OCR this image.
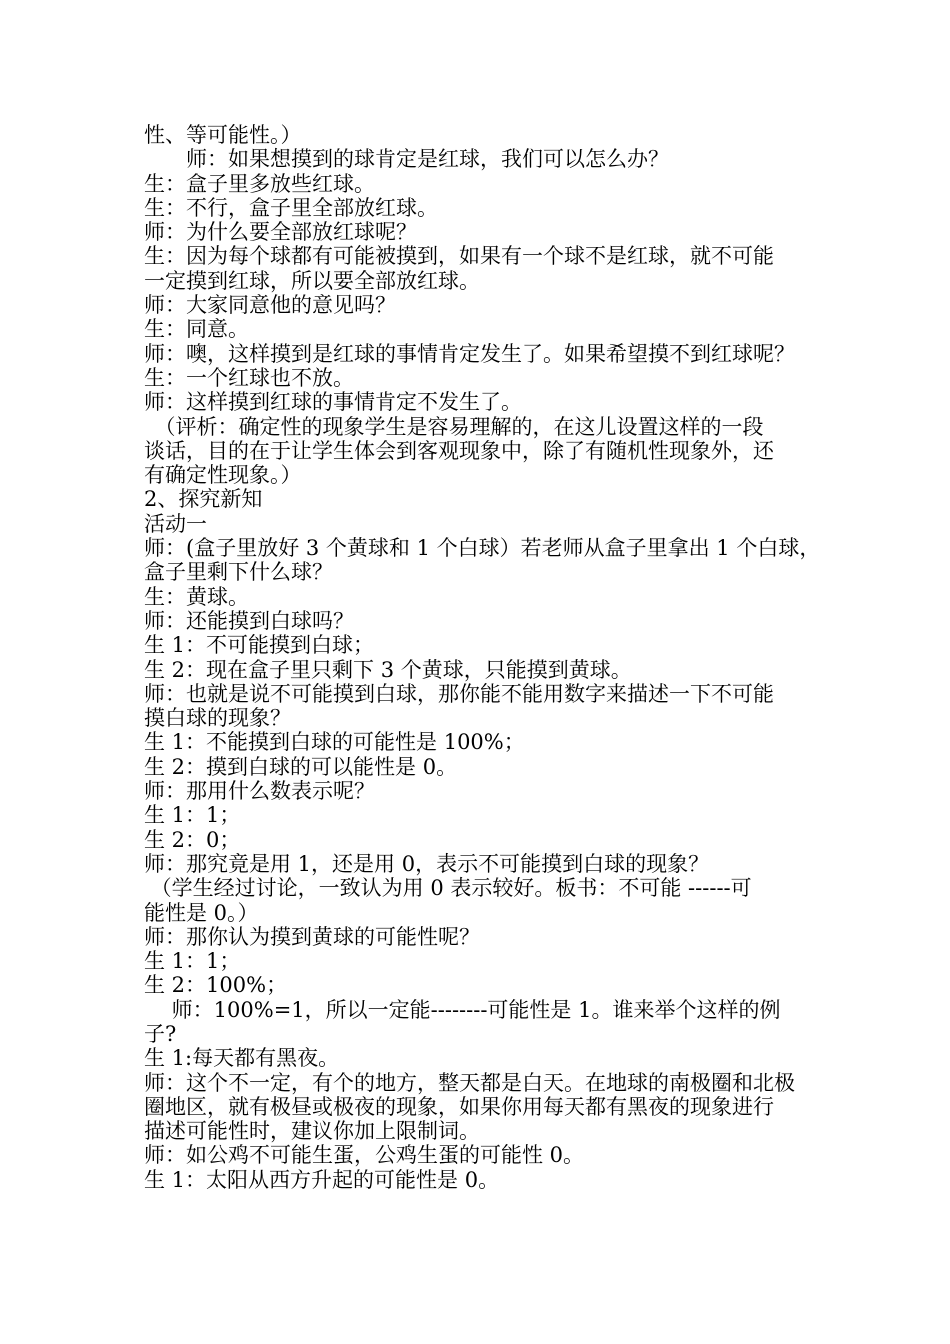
性、等可能性。）
　　师：如果想摸到的球肯定是红球，我们可以怎么办？
生：盒子里多放些红球。
生：不行，盒子里全部放红球。
师：为什么要全部放红球呢？
生：因为每个球都有可能被摸到，如果有一个球不是红球，就不可能
一定摸到红球，所以要全部放红球。
师：大家同意他的意见吗？
生：同意。
师：噢，这样摸到是红球的事情肯定发生了。如果希望摸不到红球呢？
生：一个红球也不放。
师：这样摸到红球的事情肯定不发生了。
　（评析：确定性的现象学生是容易理解的，在这儿设置这样的一段
谈话，目的在于让学生体会到客观现象中，除了有随机性现象外，还
有确定性现象。）
2、探究新知
活动一
师：(盒子里放好 3 个黄球和 1 个白球）若老师从盒子里拿出 1 个白球，
盒子里剩下什么球？
生：黄球。
师：还能摸到白球吗？
生 1：不可能摸到白球；
生 2：现在盒子里只剩下 3 个黄球，只能摸到黄球。
师：也就是说不可能摸到白球，那你能不能用数字来描述一下不可能
摸白球的现象？
生 1：不能摸到白球的可能性是 100%；
生 2：摸到白球的可以能性是 0。
师：那用什么数表示呢？
生 1：1；
生 2：0；
师：那究竟是用 1，还是用 0，表示不可能摸到白球的现象？
（学生经过讨论，一致认为用 0 表示较好。板书：不可能 ------可
能性是 0。）
师：那你认为摸到黄球的可能性呢？
生 1：1；
生 2：100%；
　 师：100%=1，所以一定能--------可能性是 1。谁来举个这样的例
子?
生 1:每天都有黑夜。
师：这个不一定，有个的地方，整天都是白天。在地球的南极圈和北极
圈地区，就有极昼或极夜的现象，如果你用每天都有黑夜的现象进行
描述可能性时，建议你加上限制词。
师：如公鸡不可能生蛋，公鸡生蛋的可能性 0。
生 1：太阳从西方升起的可能性是 0。
